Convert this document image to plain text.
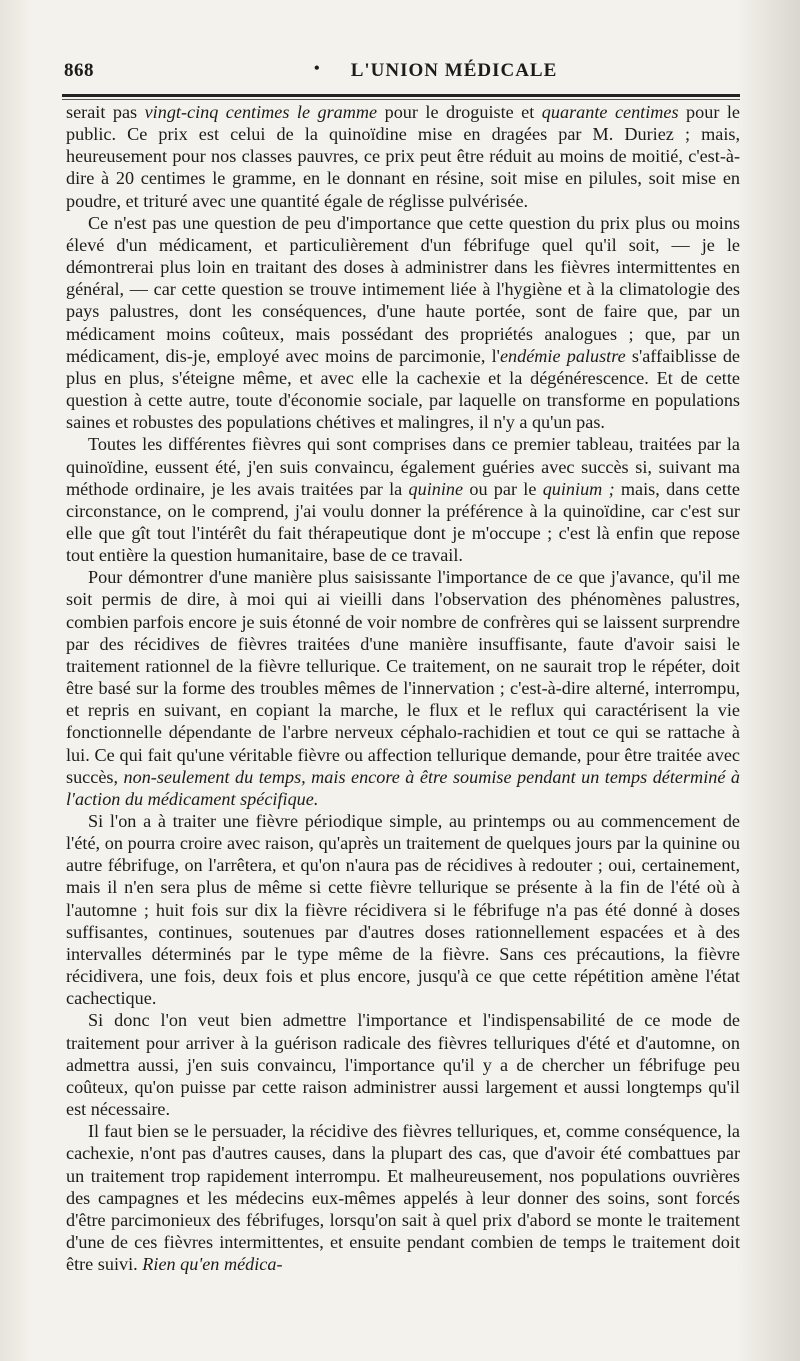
868	•	L'UNION MÉDICALE

serait pas vingt-cinq centimes le gramme pour le droguiste et quarante centimes pour le public. Ce prix est celui de la quinoïdine mise en dragées par M. Duriez ; mais, heureusement pour nos classes pauvres, ce prix peut être réduit au moins de moitié, c'est-à-dire à 20 centimes le gramme, en le donnant en résine, soit mise en pilules, soit mise en poudre, et trituré avec une quantité égale de réglisse pulvérisée.

Ce n'est pas une question de peu d'importance que cette question du prix plus ou moins élevé d'un médicament, et particulièrement d'un fébrifuge quel qu'il soit, — je le démontrerai plus loin en traitant des doses à administrer dans les fièvres intermittentes en général, — car cette question se trouve intimement liée à l'hygiène et à la climatologie des pays palustres, dont les conséquences, d'une haute portée, sont de faire que, par un médicament moins coûteux, mais possédant des propriétés analogues ; que, par un médicament, dis-je, employé avec moins de parcimonie, l'endémie palustre s'affaiblisse de plus en plus, s'éteigne même, et avec elle la cachexie et la dégénérescence. Et de cette question à cette autre, toute d'économie sociale, par laquelle on transforme en populations saines et robustes des populations chétives et malingres, il n'y a qu'un pas.

Toutes les différentes fièvres qui sont comprises dans ce premier tableau, traitées par la quinoïdine, eussent été, j'en suis convaincu, également guéries avec succès si, suivant ma méthode ordinaire, je les avais traitées par la quinine ou par le quinium ; mais, dans cette circonstance, on le comprend, j'ai voulu donner la préférence à la quinoïdine, car c'est sur elle que gît tout l'intérêt du fait thérapeutique dont je m'occupe ; c'est là enfin que repose tout entière la question humanitaire, base de ce travail.

Pour démontrer d'une manière plus saisissante l'importance de ce que j'avance, qu'il me soit permis de dire, à moi qui ai vieilli dans l'observation des phénomènes palustres, combien parfois encore je suis étonné de voir nombre de confrères qui se laissent surprendre par des récidives de fièvres traitées d'une manière insuffisante, faute d'avoir saisi le traitement rationnel de la fièvre tellurique. Ce traitement, on ne saurait trop le répéter, doit être basé sur la forme des troubles mêmes de l'innervation ; c'est-à-dire alterné, interrompu, et repris en suivant, en copiant la marche, le flux et le reflux qui caractérisent la vie fonctionnelle dépendante de l'arbre nerveux céphalo-rachidien et tout ce qui se rattache à lui. Ce qui fait qu'une véritable fièvre ou affection tellurique demande, pour être traitée avec succès, non-seulement du temps, mais encore à être soumise pendant un temps déterminé à l'action du médicament spécifique.

Si l'on a à traiter une fièvre périodique simple, au printemps ou au commencement de l'été, on pourra croire avec raison, qu'après un traitement de quelques jours par la quinine ou autre fébrifuge, on l'arrêtera, et qu'on n'aura pas de récidives à redouter ; oui, certainement, mais il n'en sera plus de même si cette fièvre tellurique se présente à la fin de l'été où à l'automne ; huit fois sur dix la fièvre récidivera si le fébrifuge n'a pas été donné à doses suffisantes, continues, soutenues par d'autres doses rationnellement espacées et à des intervalles déterminés par le type même de la fièvre. Sans ces précautions, la fièvre récidivera, une fois, deux fois et plus encore, jusqu'à ce que cette répétition amène l'état cachectique.

Si donc l'on veut bien admettre l'importance et l'indispensabilité de ce mode de traitement pour arriver à la guérison radicale des fièvres telluriques d'été et d'automne, on admettra aussi, j'en suis convaincu, l'importance qu'il y a de chercher un fébrifuge peu coûteux, qu'on puisse par cette raison administrer aussi largement et aussi longtemps qu'il est nécessaire.

Il faut bien se le persuader, la récidive des fièvres telluriques, et, comme conséquence, la cachexie, n'ont pas d'autres causes, dans la plupart des cas, que d'avoir été combattues par un traitement trop rapidement interrompu. Et malheureusement, nos populations ouvrières des campagnes et les médecins eux-mêmes appelés à leur donner des soins, sont forcés d'être parcimonieux des fébrifuges, lorsqu'on sait à quel prix d'abord se monte le traitement d'une de ces fièvres intermittentes, et ensuite pendant combien de temps le traitement doit être suivi. Rien qu'en médica-
